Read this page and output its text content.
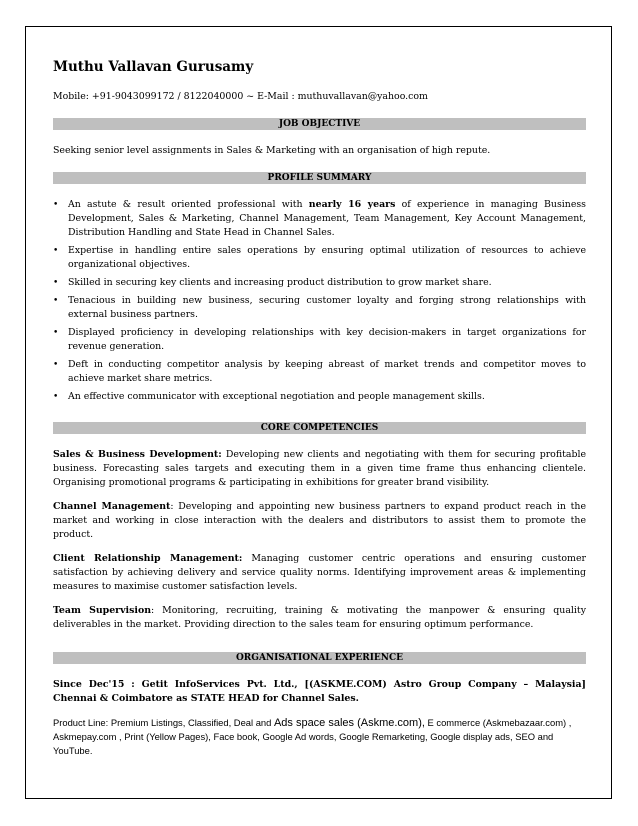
Muthu Vallavan Gurusamy

Mobile: +91-9043099172 / 8122040000 ~ E-Mail : muthuvallavan@yahoo.com

JOB OBJECTIVE

Seeking senior level assignments in Sales & Marketing with an organisation of high repute.

PROFILE SUMMARY
• An astute & result oriented professional with nearly 16 years of experience in managing Business Development, Sales & Marketing, Channel Management, Team Management, Key Account Management, Distribution Handling and State Head in Channel Sales.
• Expertise in handling entire sales operations by ensuring optimal utilization of resources to achieve organizational objectives.
• Skilled in securing key clients and increasing product distribution to grow market share.
• Tenacious in building new business, securing customer loyalty and forging strong relationships with external business partners.
• Displayed proficiency in developing relationships with key decision-makers in target organizations for revenue generation.
• Deft in conducting competitor analysis by keeping abreast of market trends and competitor moves to achieve market share metrics.
• An effective communicator with exceptional negotiation and people management skills.
CORE COMPETENCIES

Sales & Business Development: Developing new clients and negotiating with them for securing profitable business. Forecasting sales targets and executing them in a given time frame thus enhancing clientele. Organising promotional programs & participating in exhibitions for greater brand visibility.

Channel Management: Developing and appointing new business partners to expand product reach in the market and working in close interaction with the dealers and distributors to assist them to promote the product.

Client Relationship Management: Managing customer centric operations and ensuring customer satisfaction by achieving delivery and service quality norms. Identifying improvement areas & implementing measures to maximise customer satisfaction levels.

Team Supervision: Monitoring, recruiting, training & motivating the manpower & ensuring quality deliverables in the market. Providing direction to the sales team for ensuring optimum performance.

ORGANISATIONAL EXPERIENCE

Since Dec'15 : Getit InfoServices Pvt. Ltd., [(ASKME.COM) Astro Group Company – Malaysia] Chennai & Coimbatore as STATE HEAD for Channel Sales.

Product Line: Premium Listings, Classified, Deal and Ads space sales (Askme.com), E commerce (Askmebazaar.com) , Askmepay.com , Print (Yellow Pages), Face book, Google Ad words, Google Remarketing, Google display ads, SEO and YouTube.
